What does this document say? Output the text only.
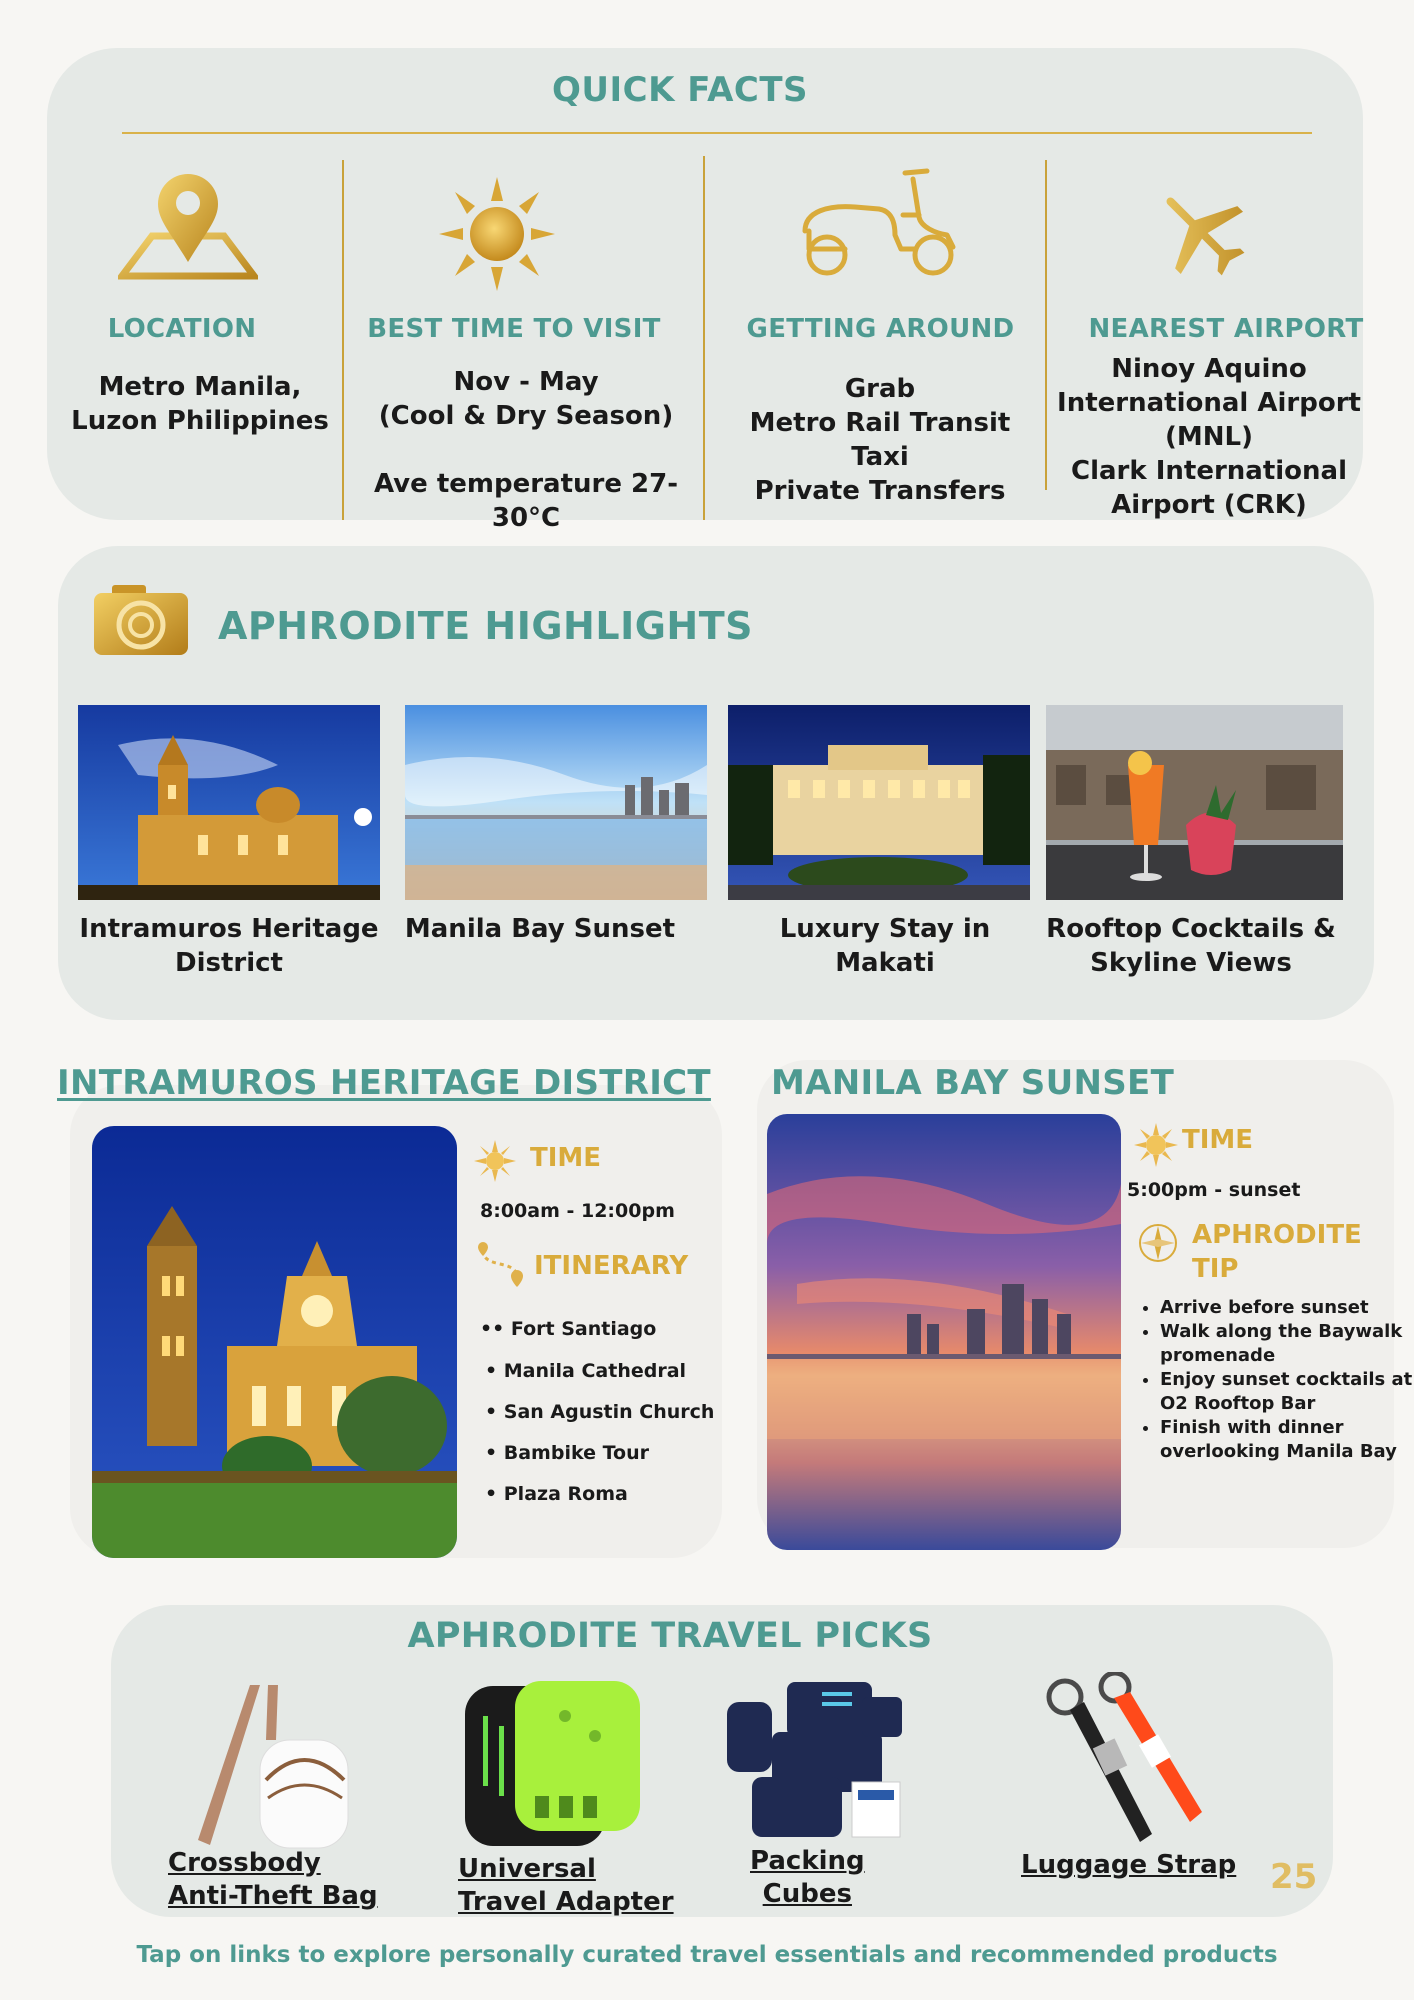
QUICK FACTS
LOCATION
Metro Manila,
Luzon Philippines
BEST TIME TO VISIT
Nov - May
(Cool & Dry Season)
Ave temperature 27-30°C
GETTING AROUND
Grab
Metro Rail Transit
Taxi
Private Transfers
NEAREST AIRPORT
Ninoy Aquino
International Airport
(MNL)
Clark International
Airport (CRK)
APHRODITE HIGHLIGHTS
Intramuros Heritage
District
Manila Bay Sunset	Luxury Stay in
Makati
Rooftop Cocktails &
Skyline Views
INTRAMUROS HERITAGE DISTRICT
TIME
8:00am - 12:00pm
ITINERARY
•• Fort Santiago
• Manila Cathedral
• San Agustin Church
• Bambike Tour
• Plaza Roma
MANILA BAY SUNSET
TIME
5:00pm - sunset
APHRODITE
TIP
• Arrive before sunset
• Walk along the Baywalk promenade
• Enjoy sunset cocktails at O2 Rooftop Bar
• Finish with dinner overlooking Manila Bay
APHRODITE TRAVEL PICKS
Crossbody
Anti-Theft Bag
Universal
Travel Adapter
Packing
Cubes
Luggage Strap 25
Tap on links to explore personally curated travel essentials and recommended products
